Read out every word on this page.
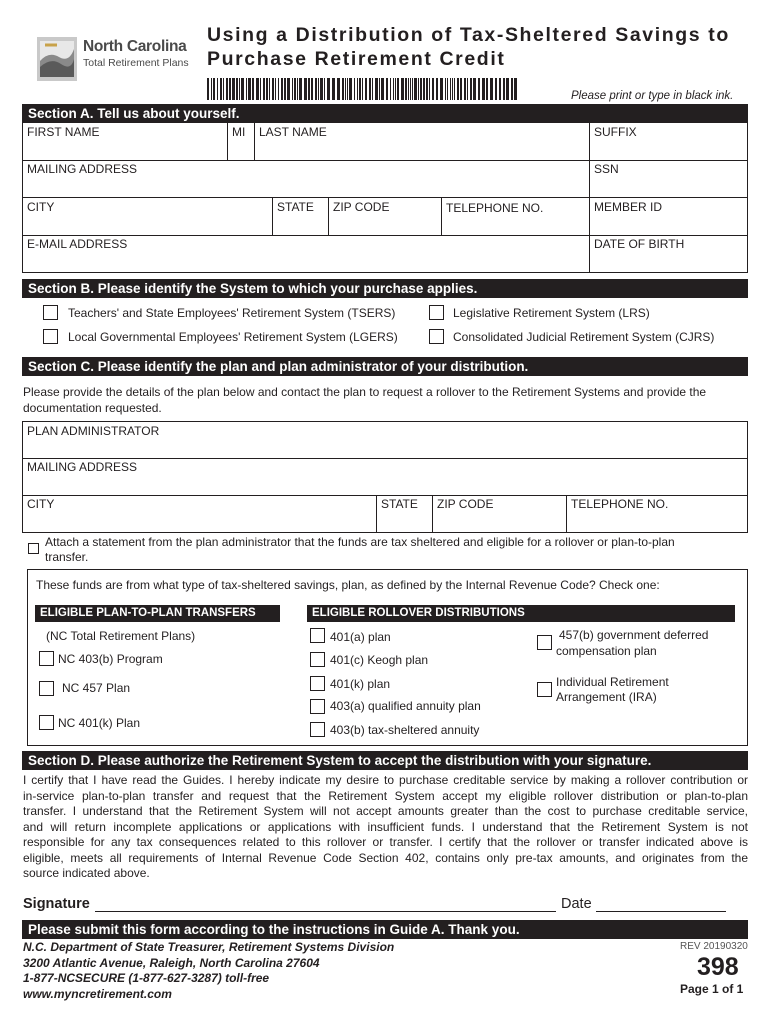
North Carolina
Total Retirement Plans
Using a Distribution of Tax-Sheltered Savings to
Purchase Retirement Credit
Please print or type in black ink.
Section A. Tell us about yourself.
FIRST NAME	MI LAST NAME	SUFFIX
MAILING ADDRESS	SSN
CITY	STATE ZIP CODE	TELEPHONE NO.	MEMBER ID
E-MAIL ADDRESS	DATE OF BIRTH
Section B. Please identify the System to which your purchase applies.
Teachers' and State Employees' Retirement System (TSERS)	Legislative Retirement System (LRS)
Local Governmental Employees' Retirement System (LGERS)	Consolidated Judicial Retirement System (CJRS)
Section C. Please identify the plan and plan administrator of your distribution.
Please provide the details of the plan below and contact the plan to request a rollover to the Retirement Systems and provide the
documentation requested.
PLAN ADMINISTRATOR
MAILING ADDRESS
CITY	STATE ZIP CODE	TELEPHONE NO.
Attach a statement from the plan administrator that the funds are tax sheltered and eligible for a rollover or plan-to-plan
transfer.
These funds are from what type of tax-sheltered savings, plan, as defined by the Internal Revenue Code? Check one:
ELIGIBLE PLAN-TO-PLAN TRANSFERS	ELIGIBLE ROLLOVER DISTRIBUTIONS
(NC Total Retirement Plans)
NC 403(b) Program
NC 457 Plan
NC 401(k) Plan
401(a) plan
401(c) Keogh plan
401(k) plan
403(a) qualified annuity plan
403(b) tax-sheltered annuity
457(b) government deferred
compensation plan
Individual Retirement
Arrangement (IRA)
Section D. Please authorize the Retirement System to accept the distribution with your signature.
I certify that I have read the Guides. I hereby indicate my desire to purchase creditable service by making a rollover contribution or
in-service plan-to-plan transfer and request that the Retirement System accept my eligible rollover distribution or plan-to-plan
transfer. I understand that the Retirement System will not accept amounts greater than the cost to purchase creditable service,
and will return incomplete applications or applications with insufficient funds. I understand that the Retirement System is not
responsible for any tax consequences related to this rollover or transfer. I certify that the rollover or transfer indicated above is
eligible, meets all requirements of Internal Revenue Code Section 402, contains only pre-tax amounts, and originates from the
source indicated above.
Signature	Date
Please submit this form according to the instructions in Guide A. Thank you.
N.C. Department of State Treasurer, Retirement Systems Division
3200 Atlantic Avenue, Raleigh, North Carolina 27604
1-877-NCSECURE (1-877-627-3287) toll-free
www.myncretirement.com
REV 20190320
398
Page 1 of 1
